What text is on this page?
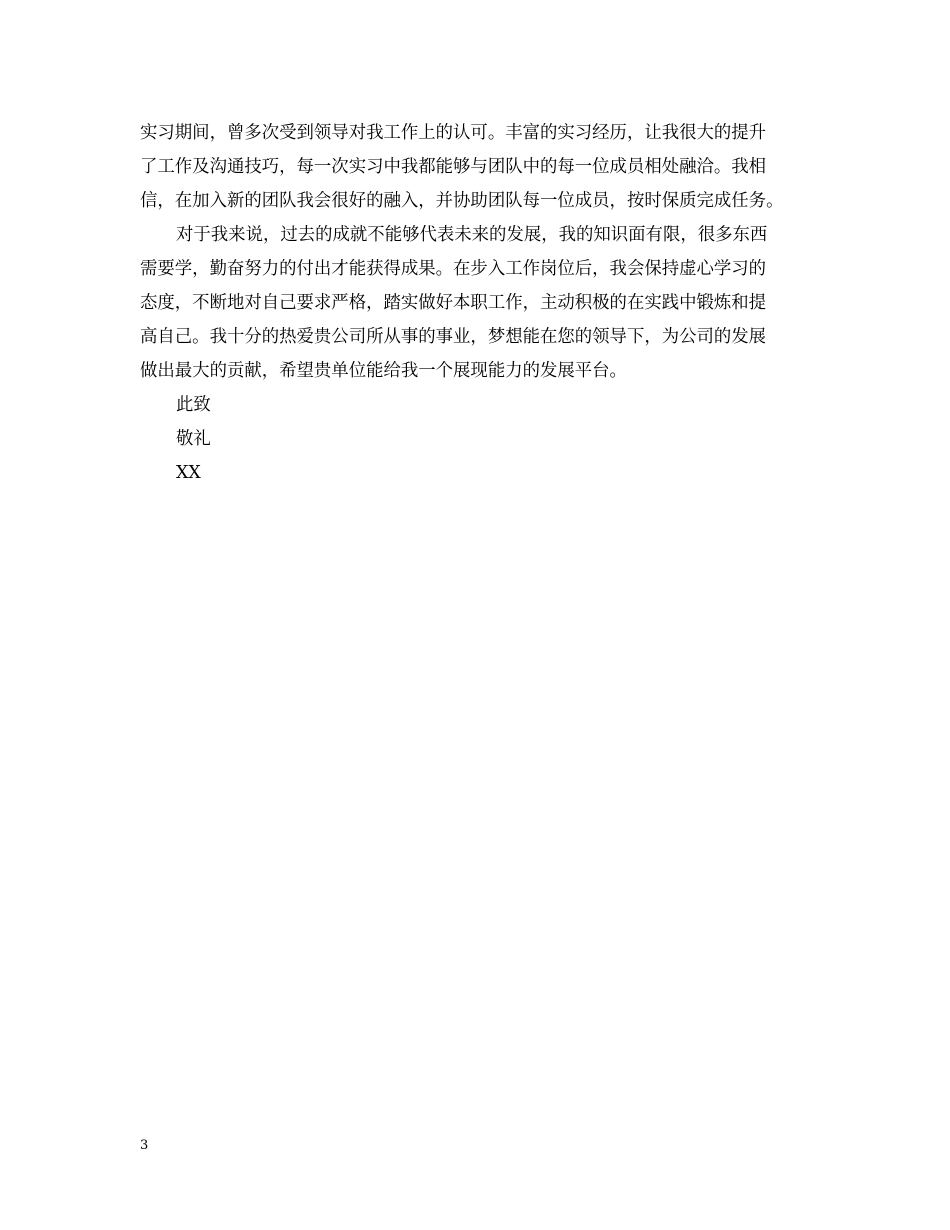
实习期间，曾多次受到领导对我工作上的认可。丰富的实习经历，让我很大的提升
了工作及沟通技巧，每一次实习中我都能够与团队中的每一位成员相处融洽。我相
信，在加入新的团队我会很好的融入，并协助团队每一位成员，按时保质完成任务。
对于我来说，过去的成就不能够代表未来的发展，我的知识面有限，很多东西
需要学，勤奋努力的付出才能获得成果。在步入工作岗位后，我会保持虚心学习的
态度，不断地对自己要求严格，踏实做好本职工作，主动积极的在实践中锻炼和提
高自己。我十分的热爱贵公司所从事的事业，梦想能在您的领导下，为公司的发展
做出最大的贡献，希望贵单位能给我一个展现能力的发展平台。
此致
敬礼
XX
3
